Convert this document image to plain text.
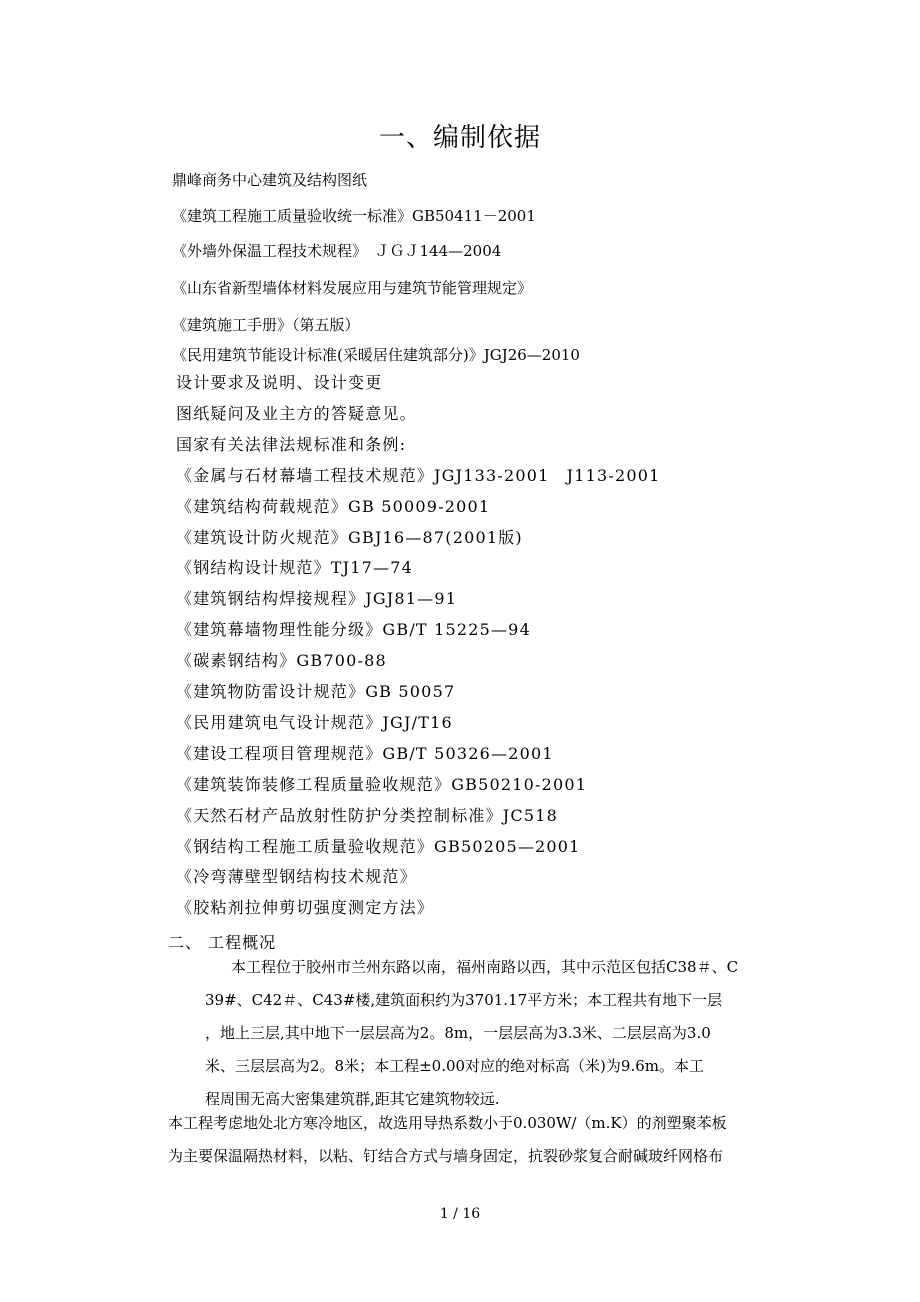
一、编制依据
鼎峰商务中心建筑及结构图纸
《建筑工程施工质量验收统一标准》GB50411－2001
《外墙外保温工程技术规程》　ＪＧＪ144—2004
《山东省新型墙体材料发展应用与建筑节能管理规定》
《建筑施工手册》（第五版）
《民用建筑节能设计标准(采暖居住建筑部分)》JGJ26—2010
设计要求及说明、设计变更
图纸疑问及业主方的答疑意见。
国家有关法律法规标准和条例:
《金属与石材幕墙工程技术规范》JGJ133-2001　J113-2001
《建筑结构荷载规范》GB 50009-2001
《建筑设计防火规范》GBJ16—87(2001版)
《钢结构设计规范》TJ17—74
《建筑钢结构焊接规程》JGJ81—91
《建筑幕墙物理性能分级》GB/T 15225—94
《碳素钢结构》GB700-88
《建筑物防雷设计规范》GB 50057
《民用建筑电气设计规范》JGJ/T16
《建设工程项目管理规范》GB/T 50326—2001
《建筑装饰装修工程质量验收规范》GB50210-2001
《天然石材产品放射性防护分类控制标准》JC518
《钢结构工程施工质量验收规范》GB50205—2001
《冷弯薄壁型钢结构技术规范》
《胶粘剂拉伸剪切强度测定方法》
二、 工程概况
本工程位于胶州市兰州东路以南，福州南路以西，其中示范区包括C38＃、C
39#、C42＃、C43#楼,建筑面积约为3701.17平方米；本工程共有地下一层
，地上三层,其中地下一层层高为2。8m，一层层高为3.3米、二层层高为3.0
米、三层层高为2。8米；本工程±0.00对应的绝对标高（米)为9.6m。本工
程周围无高大密集建筑群,距其它建筑物较远.
本工程考虑地处北方寒冷地区，故选用导热系数小于0.030W/（m.K）的剂塑聚苯板
为主要保温隔热材料，以粘、钉结合方式与墙身固定，抗裂砂浆复合耐碱玻纤网格布
1 / 16
